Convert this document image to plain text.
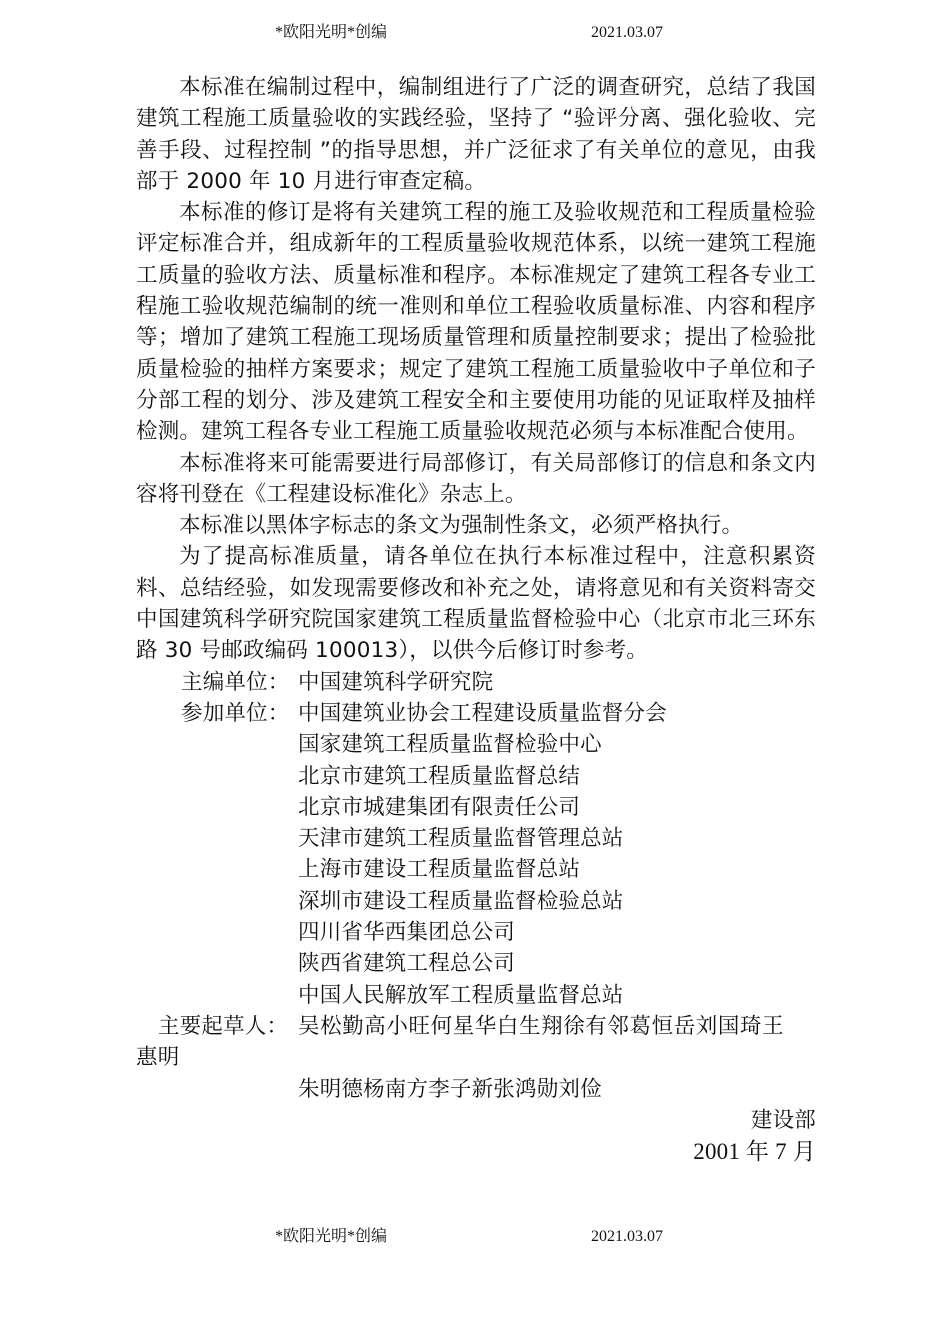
*欧阳光明*创编	2021.03.07

本标准在编制过程中，编制组进行了广泛的调查研究，总结了我国建筑工程施工质量验收的实践经验，坚持了 “验评分离、强化验收、完善手段、过程控制 ”的指导思想，并广泛征求了有关单位的意见，由我部于 2000 年 10 月进行审查定稿。

本标准的修订是将有关建筑工程的施工及验收规范和工程质量检验评定标准合并，组成新年的工程质量验收规范体系，以统一建筑工程施工质量的验收方法、质量标准和程序。本标准规定了建筑工程各专业工程施工验收规范编制的统一准则和单位工程验收质量标准、内容和程序等；增加了建筑工程施工现场质量管理和质量控制要求；提出了检验批质量检验的抽样方案要求；规定了建筑工程施工质量验收中子单位和子分部工程的划分、涉及建筑工程安全和主要使用功能的见证取样及抽样检测。建筑工程各专业工程施工质量验收规范必须与本标准配合使用。

本标准将来可能需要进行局部修订，有关局部修订的信息和条文内容将刊登在《工程建设标准化》杂志上。

本标准以黑体字标志的条文为强制性条文，必须严格执行。

为了提高标准质量，请各单位在执行本标准过程中，注意积累资料、总结经验，如发现需要修改和补充之处，请将意见和有关资料寄交中国建筑科学研究院国家建筑工程质量监督检验中心（北京市北三环东路 30 号邮政编码 100013），以供今后修订时参考。

主编单位： 中国建筑科学研究院
参加单位： 中国建筑业协会工程建设质量监督分会
国家建筑工程质量监督检验中心
北京市建筑工程质量监督总结
北京市城建集团有限责任公司
天津市建筑工程质量监督管理总站
上海市建设工程质量监督总站
深圳市建设工程质量监督检验总站
四川省华西集团总公司
陕西省建筑工程总公司
中国人民解放军工程质量监督总站
主要起草人： 吴松勤高小旺何星华白生翔徐有邻葛恒岳刘国琦王
惠明
朱明德杨南方李子新张鸿勋刘俭
建设部
2001 年 7 月
*欧阳光明*创编	2021.03.07
